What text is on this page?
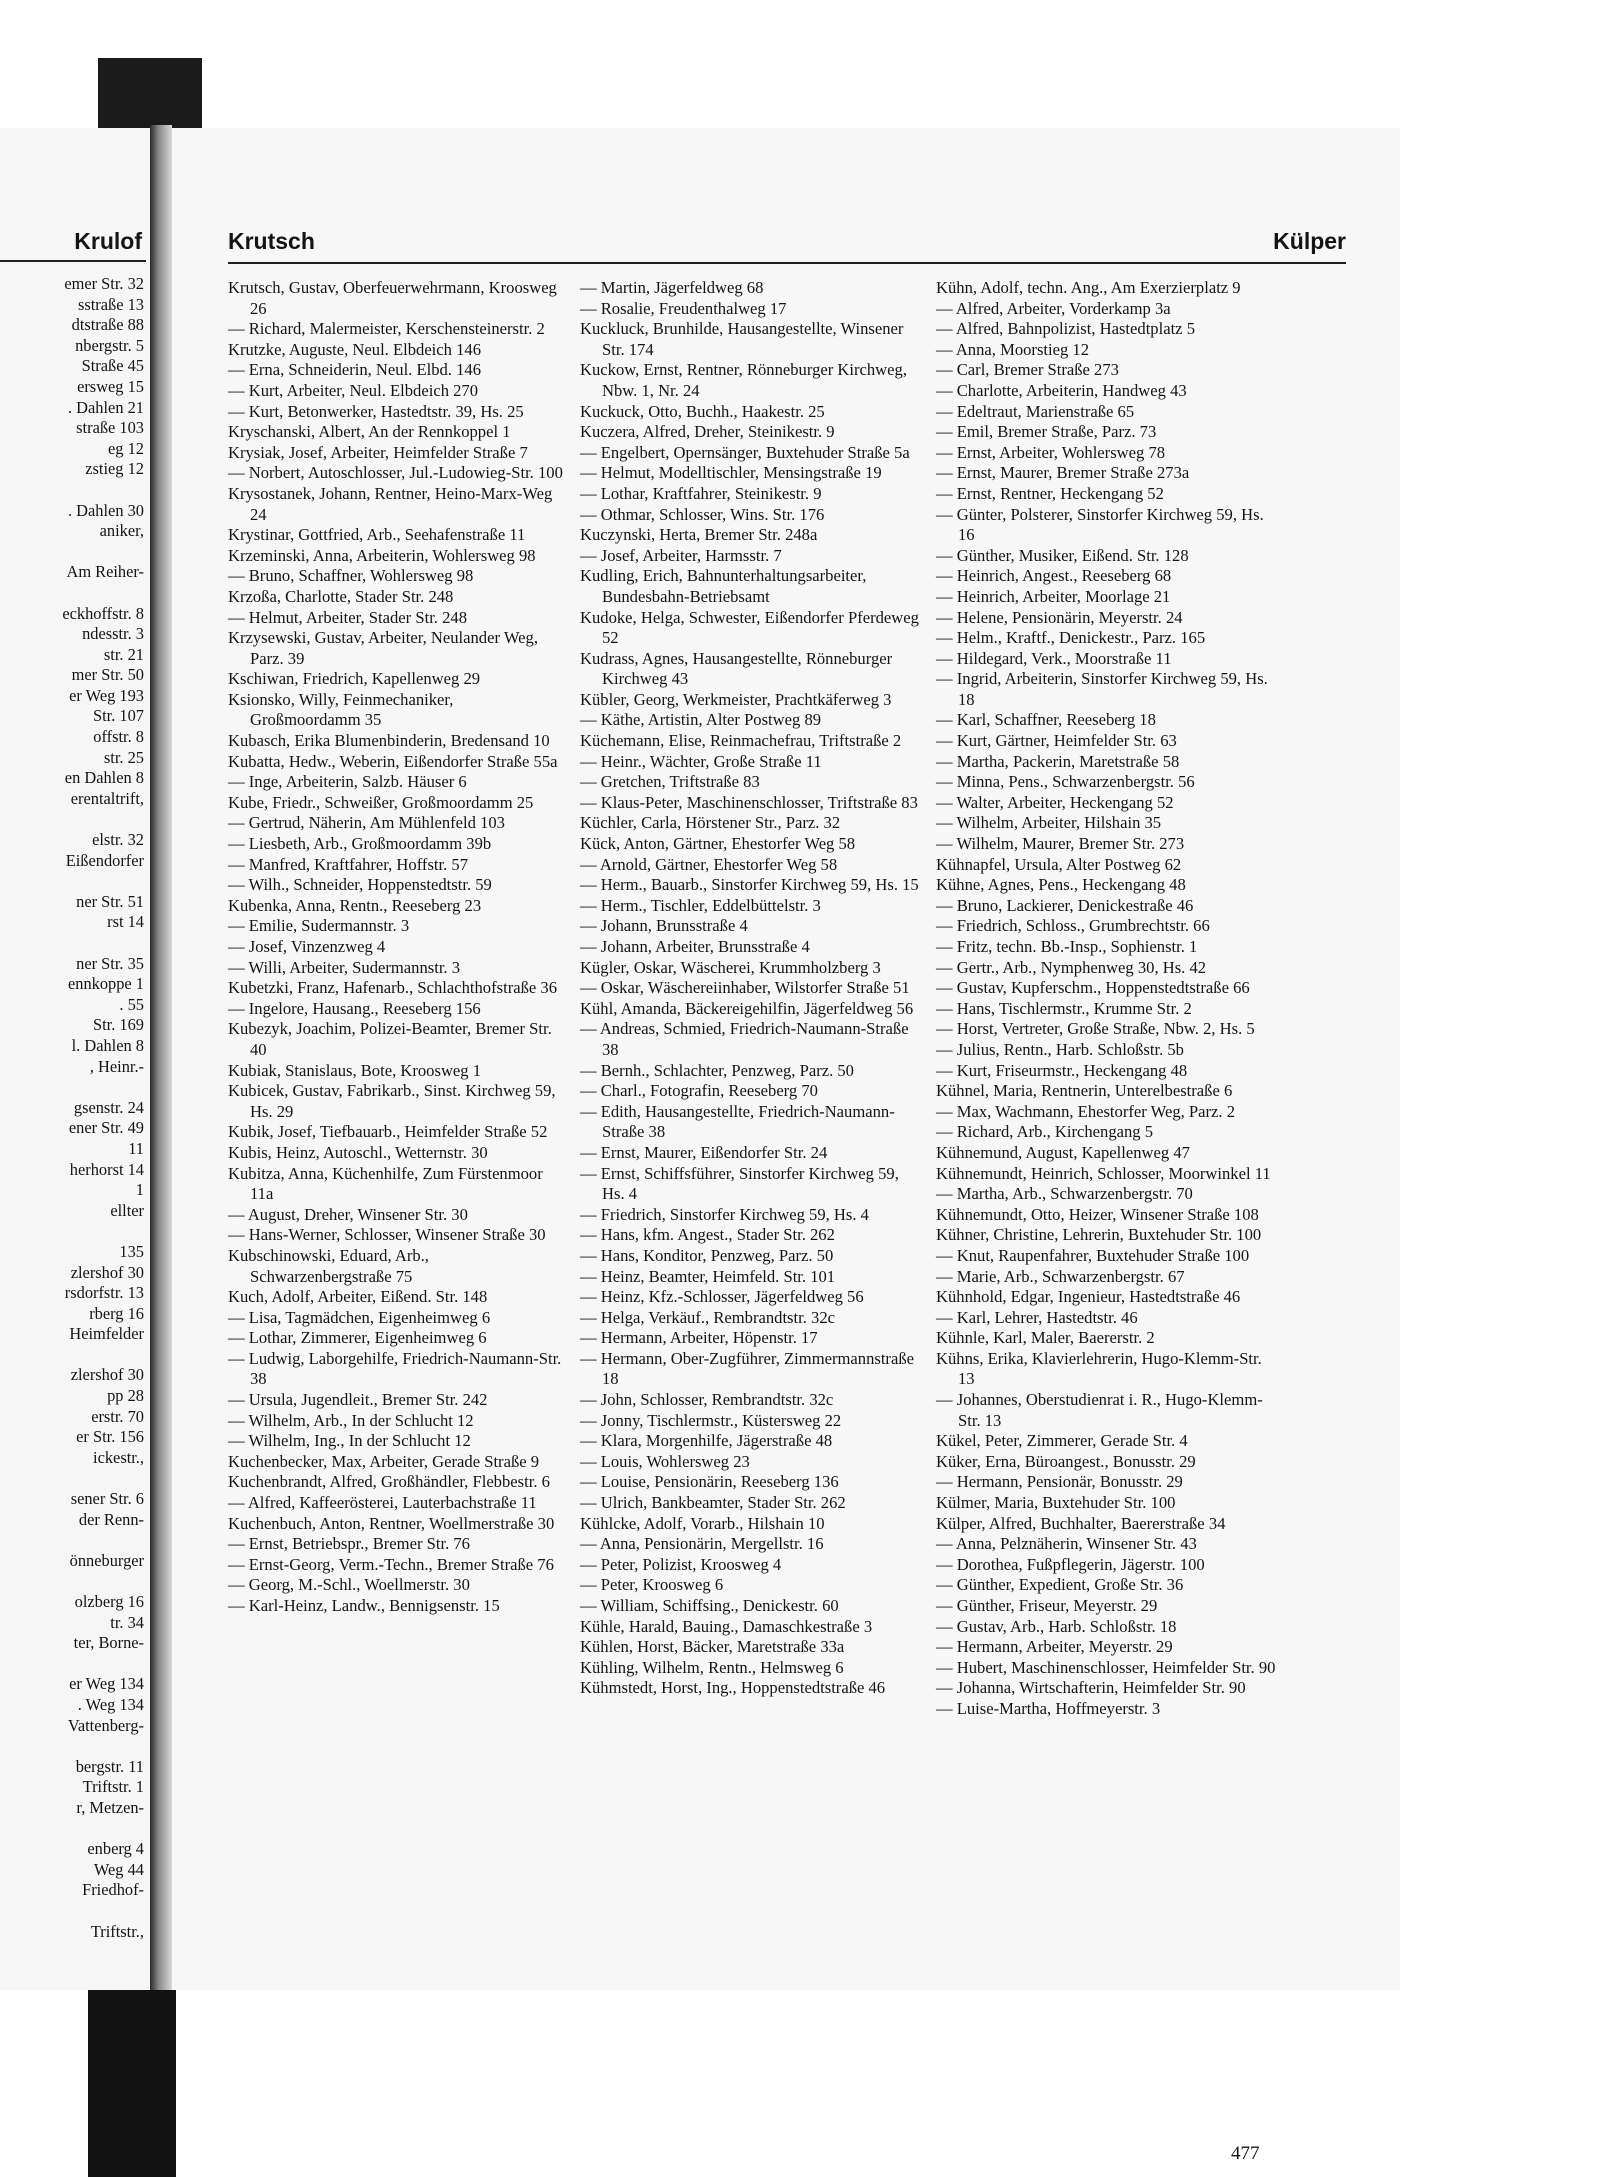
Krulof
emer Str. 32
sstraße 13
dtstraße 88
nbergstr. 5
Straße 45
ersweg 15
. Dahlen 21
straße 103
eg 12
zstieg 12

. Dahlen 30
aniker,

Am Reiher-

eckhoffstr. 8
ndesstr. 3
str. 21
mer Str. 50
er Weg 193
Str. 107
offstr. 8
str. 25
en Dahlen 8
erentaltrift,

elstr. 32
Eißendorfer

ner Str. 51
rst 14

ner Str. 35
ennkoppe 1
. 55
Str. 169
l. Dahlen 8
, Heinr.-

gsenstr. 24
ener Str. 49
11
herhorst 14
1
ellter

135
zlershof 30
rsdorfstr. 13
rberg 16
Heimfelder

zlershof 30
pp 28
erstr. 70
er Str. 156
ickestr.,

sener Str. 6
der Renn-

önneburger

olzberg 16
tr. 34
ter, Borne-

er Weg 134
. Weg 134
Vattenberg-

bergstr. 11
Triftstr. 1
r, Metzen-

enberg 4
Weg 44
Friedhof-

Triftstr.,
Krutsch	Külper
Krutsch, Gustav, Oberfeuerwehrmann, Kroosweg 26
— Richard, Malermeister, Kerschensteinerstr. 2
Krutzke, Auguste, Neul. Elbdeich 146
— Erna, Schneiderin, Neul. Elbd. 146
— Kurt, Arbeiter, Neul. Elbdeich 270
— Kurt, Betonwerker, Hastedtstr. 39, Hs. 25
Kryschanski, Albert, An der Rennkoppel 1
Krysiak, Josef, Arbeiter, Heimfelder Straße 7
— Norbert, Autoschlosser, Jul.-Ludowieg-Str. 100
Krysostanek, Johann, Rentner, Heino-Marx-Weg 24
Krystinar, Gottfried, Arb., Seehafenstraße 11
Krzeminski, Anna, Arbeiterin, Wohlersweg 98
— Bruno, Schaffner, Wohlersweg 98
Krzoßa, Charlotte, Stader Str. 248
— Helmut, Arbeiter, Stader Str. 248
Krzysewski, Gustav, Arbeiter, Neulander Weg, Parz. 39
Kschiwan, Friedrich, Kapellenweg 29
Ksionsko, Willy, Feinmechaniker, Großmoordamm 35
Kubasch, Erika Blumenbinderin, Bredensand 10
Kubatta, Hedw., Weberin, Eißendorfer Straße 55a
— Inge, Arbeiterin, Salzb. Häuser 6
Kube, Friedr., Schweißer, Großmoordamm 25
— Gertrud, Näherin, Am Mühlenfeld 103
— Liesbeth, Arb., Großmoordamm 39b
— Manfred, Kraftfahrer, Hoffstr. 57
— Wilh., Schneider, Hoppenstedtstr. 59
Kubenka, Anna, Rentn., Reeseberg 23
— Emilie, Sudermannstr. 3
— Josef, Vinzenzweg 4
— Willi, Arbeiter, Sudermannstr. 3
Kubetzki, Franz, Hafenarb., Schlachthofstraße 36
— Ingelore, Hausang., Reeseberg 156
Kubezyk, Joachim, Polizei-Beamter, Bremer Str. 40
Kubiak, Stanislaus, Bote, Kroosweg 1
Kubicek, Gustav, Fabrikarb., Sinst. Kirchweg 59, Hs. 29
Kubik, Josef, Tiefbauarb., Heimfelder Straße 52
Kubis, Heinz, Autoschl., Wetternstr. 30
Kubitza, Anna, Küchenhilfe, Zum Fürstenmoor 11a
— August, Dreher, Winsener Str. 30
— Hans-Werner, Schlosser, Winsener Straße 30
Kubschinowski, Eduard, Arb., Schwarzenbergstraße 75
Kuch, Adolf, Arbeiter, Eißend. Str. 148
— Lisa, Tagmädchen, Eigenheimweg 6
— Lothar, Zimmerer, Eigenheimweg 6
— Ludwig, Laborgehilfe, Friedrich-Naumann-Str. 38
— Ursula, Jugendleit., Bremer Str. 242
— Wilhelm, Arb., In der Schlucht 12
— Wilhelm, Ing., In der Schlucht 12
Kuchenbecker, Max, Arbeiter, Gerade Straße 9
Kuchenbrandt, Alfred, Großhändler, Flebbestr. 6
— Alfred, Kaffeerösterei, Lauterbachstraße 11
Kuchenbuch, Anton, Rentner, Woellmerstraße 30
— Ernst, Betriebspr., Bremer Str. 76
— Ernst-Georg, Verm.-Techn., Bremer Straße 76
— Georg, M.-Schl., Woellmerstr. 30
— Karl-Heinz, Landw., Bennigsenstr. 15
— Martin, Jägerfeldweg 68
— Rosalie, Freudenthalweg 17
Kuckluck, Brunhilde, Hausangestellte, Winsener Str. 174
Kuckow, Ernst, Rentner, Rönneburger Kirchweg, Nbw. 1, Nr. 24
Kuckuck, Otto, Buchh., Haakestr. 25
Kuczera, Alfred, Dreher, Steinikestr. 9
— Engelbert, Opernsänger, Buxtehuder Straße 5a
— Helmut, Modelltischler, Mensingstraße 19
— Lothar, Kraftfahrer, Steinikestr. 9
— Othmar, Schlosser, Wins. Str. 176
Kuczynski, Herta, Bremer Str. 248a
— Josef, Arbeiter, Harmsstr. 7
Kudling, Erich, Bahnunterhaltungsarbeiter, Bundesbahn-Betriebsamt
Kudoke, Helga, Schwester, Eißendorfer Pferdeweg 52
Kudrass, Agnes, Hausangestellte, Rönneburger Kirchweg 43
Kübler, Georg, Werkmeister, Prachtkäferweg 3
— Käthe, Artistin, Alter Postweg 89
Küchemann, Elise, Reinmachefrau, Triftstraße 2
— Heinr., Wächter, Große Straße 11
— Gretchen, Triftstraße 83
— Klaus-Peter, Maschinenschlosser, Triftstraße 83
Küchler, Carla, Hörstener Str., Parz. 32
Kück, Anton, Gärtner, Ehestorfer Weg 58
— Arnold, Gärtner, Ehestorfer Weg 58
— Herm., Bauarb., Sinstorfer Kirchweg 59, Hs. 15
— Herm., Tischler, Eddelbüttelstr. 3
— Johann, Brunsstraße 4
— Johann, Arbeiter, Brunsstraße 4
Kügler, Oskar, Wäscherei, Krummholzberg 3
— Oskar, Wäschereiinhaber, Wilstorfer Straße 51
Kühl, Amanda, Bäckereigehilfin, Jägerfeldweg 56
— Andreas, Schmied, Friedrich-Naumann-Straße 38
— Bernh., Schlachter, Penzweg, Parz. 50
— Charl., Fotografin, Reeseberg 70
— Edith, Hausangestellte, Friedrich-Naumann-Straße 38
— Ernst, Maurer, Eißendorfer Str. 24
— Ernst, Schiffsführer, Sinstorfer Kirchweg 59, Hs. 4
— Friedrich, Sinstorfer Kirchweg 59, Hs. 4
— Hans, kfm. Angest., Stader Str. 262
— Hans, Konditor, Penzweg, Parz. 50
— Heinz, Beamter, Heimfeld. Str. 101
— Heinz, Kfz.-Schlosser, Jägerfeldweg 56
— Helga, Verkäuf., Rembrandtstr. 32c
— Hermann, Arbeiter, Höpenstr. 17
— Hermann, Ober-Zugführer, Zimmermannstraße 18
— John, Schlosser, Rembrandtstr. 32c
— Jonny, Tischlermstr., Küstersweg 22
— Klara, Morgenhilfe, Jägerstraße 48
— Louis, Wohlersweg 23
— Louise, Pensionärin, Reeseberg 136
— Ulrich, Bankbeamter, Stader Str. 262
Kühlcke, Adolf, Vorarb., Hilshain 10
— Anna, Pensionärin, Mergellstr. 16
— Peter, Polizist, Kroosweg 4
— Peter, Kroosweg 6
— William, Schiffsing., Denickestr. 60
Kühle, Harald, Bauing., Damaschkestraße 3
Kühlen, Horst, Bäcker, Maretstraße 33a
Kühling, Wilhelm, Rentn., Helmsweg 6
Kühmstedt, Horst, Ing., Hoppenstedtstraße 46
Kühn, Adolf, techn. Ang., Am Exerzierplatz 9
— Alfred, Arbeiter, Vorderkamp 3a
— Alfred, Bahnpolizist, Hastedtplatz 5
— Anna, Moorstieg 12
— Carl, Bremer Straße 273
— Charlotte, Arbeiterin, Handweg 43
— Edeltraut, Marienstraße 65
— Emil, Bremer Straße, Parz. 73
— Ernst, Arbeiter, Wohlersweg 78
— Ernst, Maurer, Bremer Straße 273a
— Ernst, Rentner, Heckengang 52
— Günter, Polsterer, Sinstorfer Kirchweg 59, Hs. 16
— Günther, Musiker, Eißend. Str. 128
— Heinrich, Angest., Reeseberg 68
— Heinrich, Arbeiter, Moorlage 21
— Helene, Pensionärin, Meyerstr. 24
— Helm., Kraftf., Denickestr., Parz. 165
— Hildegard, Verk., Moorstraße 11
— Ingrid, Arbeiterin, Sinstorfer Kirchweg 59, Hs. 18
— Karl, Schaffner, Reeseberg 18
— Kurt, Gärtner, Heimfelder Str. 63
— Martha, Packerin, Maretstraße 58
— Minna, Pens., Schwarzenbergstr. 56
— Walter, Arbeiter, Heckengang 52
— Wilhelm, Arbeiter, Hilshain 35
— Wilhelm, Maurer, Bremer Str. 273
Kühnapfel, Ursula, Alter Postweg 62
Kühne, Agnes, Pens., Heckengang 48
— Bruno, Lackierer, Denickestraße 46
— Friedrich, Schloss., Grumbrechtstr. 66
— Fritz, techn. Bb.-Insp., Sophienstr. 1
— Gertr., Arb., Nymphenweg 30, Hs. 42
— Gustav, Kupferschm., Hoppenstedtstraße 66
— Hans, Tischlermstr., Krumme Str. 2
— Horst, Vertreter, Große Straße, Nbw. 2, Hs. 5
— Julius, Rentn., Harb. Schloßstr. 5b
— Kurt, Friseurmstr., Heckengang 48
Kühnel, Maria, Rentnerin, Unterelbestraße 6
— Max, Wachmann, Ehestorfer Weg, Parz. 2
— Richard, Arb., Kirchengang 5
Kühnemund, August, Kapellenweg 47
Kühnemundt, Heinrich, Schlosser, Moorwinkel 11
— Martha, Arb., Schwarzenbergstr. 70
Kühnemundt, Otto, Heizer, Winsener Straße 108
Kühner, Christine, Lehrerin, Buxtehuder Str. 100
— Knut, Raupenfahrer, Buxtehuder Straße 100
— Marie, Arb., Schwarzenbergstr. 67
Kühnhold, Edgar, Ingenieur, Hastedtstraße 46
— Karl, Lehrer, Hastedtstr. 46
Kühnle, Karl, Maler, Baererstr. 2
Kühns, Erika, Klavierlehrerin, Hugo-Klemm-Str. 13
— Johannes, Oberstudienrat i. R., Hugo-Klemm-Str. 13
Kükel, Peter, Zimmerer, Gerade Str. 4
Küker, Erna, Büroangest., Bonusstr. 29
— Hermann, Pensionär, Bonusstr. 29
Külmer, Maria, Buxtehuder Str. 100
Külper, Alfred, Buchhalter, Baererstraße 34
— Anna, Pelznäherin, Winsener Str. 43
— Dorothea, Fußpflegerin, Jägerstr. 100
— Günther, Expedient, Große Str. 36
— Günther, Friseur, Meyerstr. 29
— Gustav, Arb., Harb. Schloßstr. 18
— Hermann, Arbeiter, Meyerstr. 29
— Hubert, Maschinenschlosser, Heimfelder Str. 90
— Johanna, Wirtschafterin, Heimfelder Str. 90
— Luise-Martha, Hoffmeyerstr. 3
477
